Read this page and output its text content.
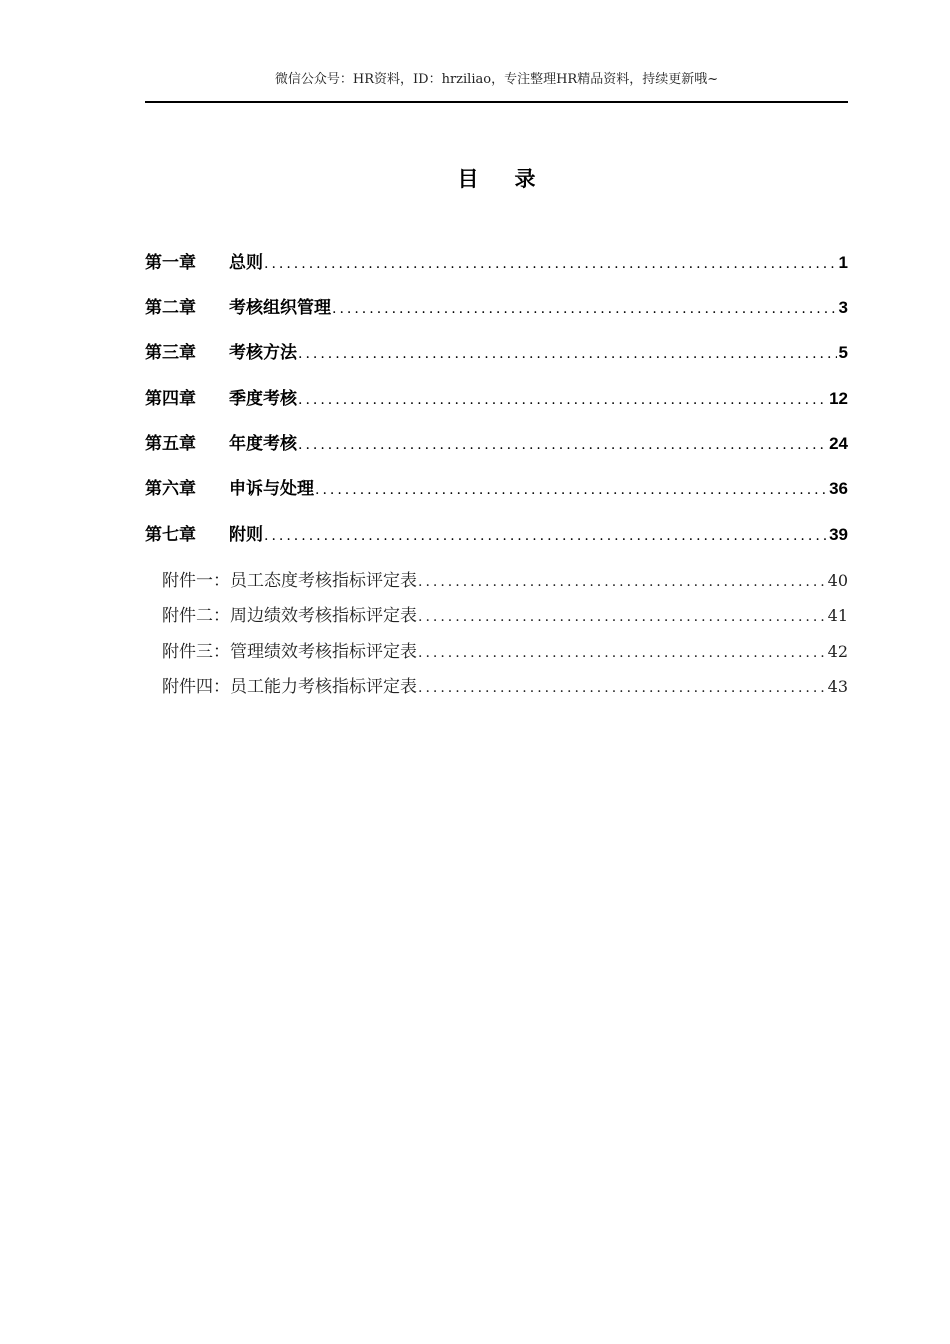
微信公众号：HR资料，ID：hrziliao，专注整理HR精品资料，持续更新哦~
目 录
第一章	总则 .....	1
第二章	考核组织管理 .....	3
第三章	考核方法 .....	5
第四章	季度考核 .....	12
第五章	年度考核 .....	24
第六章	申诉与处理 .....	36
第七章	附则 .....	39
附件一：员工态度考核指标评定表 .....	40
附件二：周边绩效考核指标评定表 .....	41
附件三：管理绩效考核指标评定表 .....	42
附件四：员工能力考核指标评定表 .....	43
